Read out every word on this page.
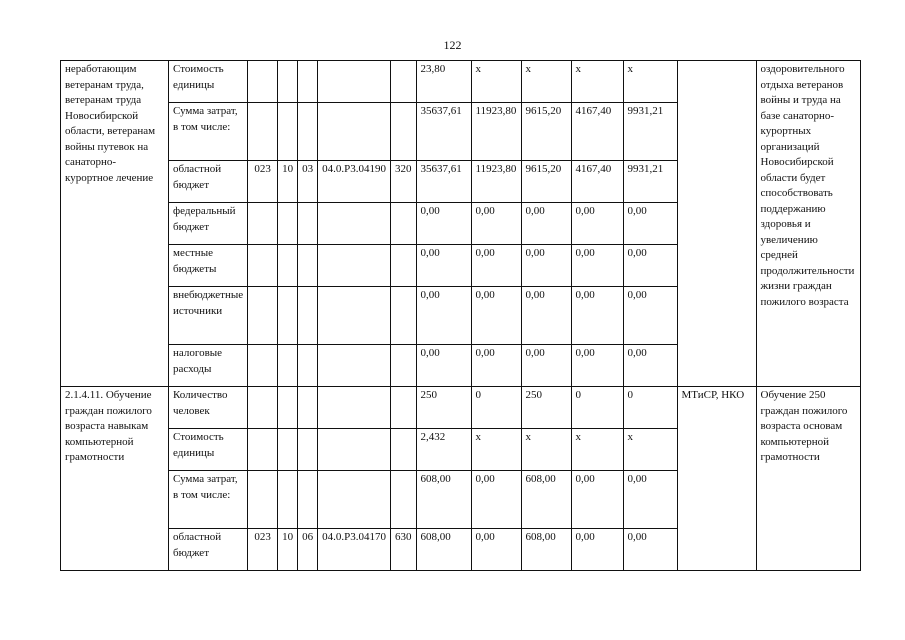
122
неработающим ветеранам труда, ветеранам труда Новосибирской области, ветеранам войны путевок на санаторно-курортное лечение	Стоимость единицы						23,80	x	x	x	x		оздоровительного отдыха ветеранов войны и труда на базе санаторно-курортных организаций Новосибирской области будет способствовать поддержанию здоровья и увеличению средней продолжительности жизни граждан пожилого возраста
	Сумма затрат, в том числе:						35637,61	11923,80	9615,20	4167,40	9931,21		
	областной бюджет	023	10	03	04.0.P3.04190	320	35637,61	11923,80	9615,20	4167,40	9931,21		
	федеральный бюджет						0,00	0,00	0,00	0,00	0,00		
	местные бюджеты						0,00	0,00	0,00	0,00	0,00		
	внебюджетные источники						0,00	0,00	0,00	0,00	0,00		
	налоговые расходы						0,00	0,00	0,00	0,00	0,00		
2.1.4.11. Обучение граждан пожилого возраста навыкам компьютерной грамотности	Количество человек						250	0	250	0	0	МТиСР, НКО	Обучение 250 граждан пожилого возраста основам компьютерной грамотности
	Стоимость единицы						2,432	x	x	x	x		
	Сумма затрат, в том числе:						608,00	0,00	608,00	0,00	0,00		
	областной бюджет	023	10	06	04.0.P3.04170	630	608,00	0,00	608,00	0,00	0,00		
